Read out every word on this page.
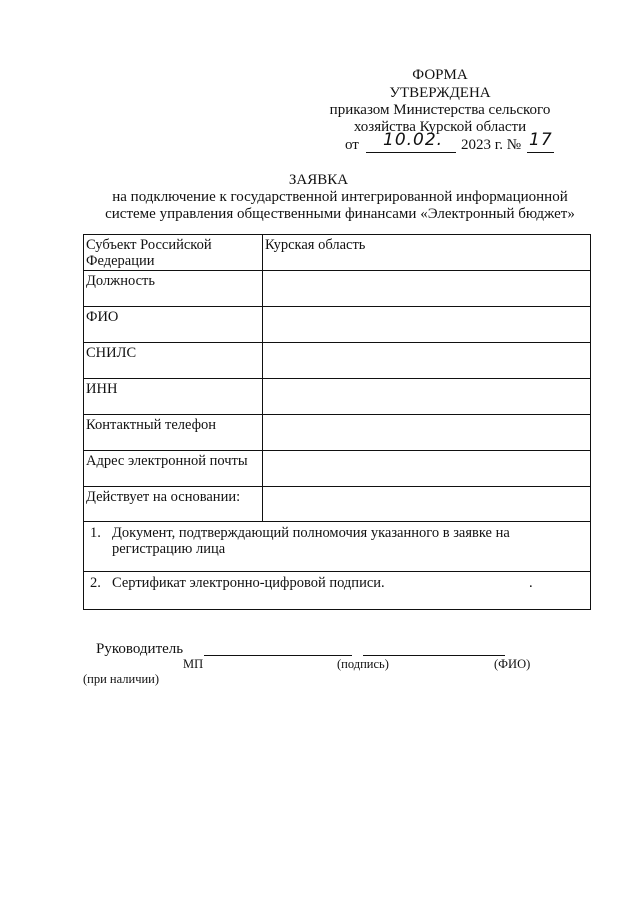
ФОРМА
УТВЕРЖДЕНА
приказом Министерства сельского
хозяйства Курской области
от 10.02. 2023 г. № 17
ЗАЯВКА
на подключение к государственной интегрированной информационной
системе управления общественными финансами «Электронный бюджет»
Субъект Российской Федерации	Курская область
Должность	
ФИО	
СНИЛС	
ИНН	
Контактный телефон	
Адрес электронной почты	
Действует на основании:	

1. Документ, подтверждающий полномочия указанного в заявке на
регистрацию лица	

2. Сертификат электронно-цифровой подписи. .	
Руководитель
МП	(подпись)	(ФИО)
(при наличии)
